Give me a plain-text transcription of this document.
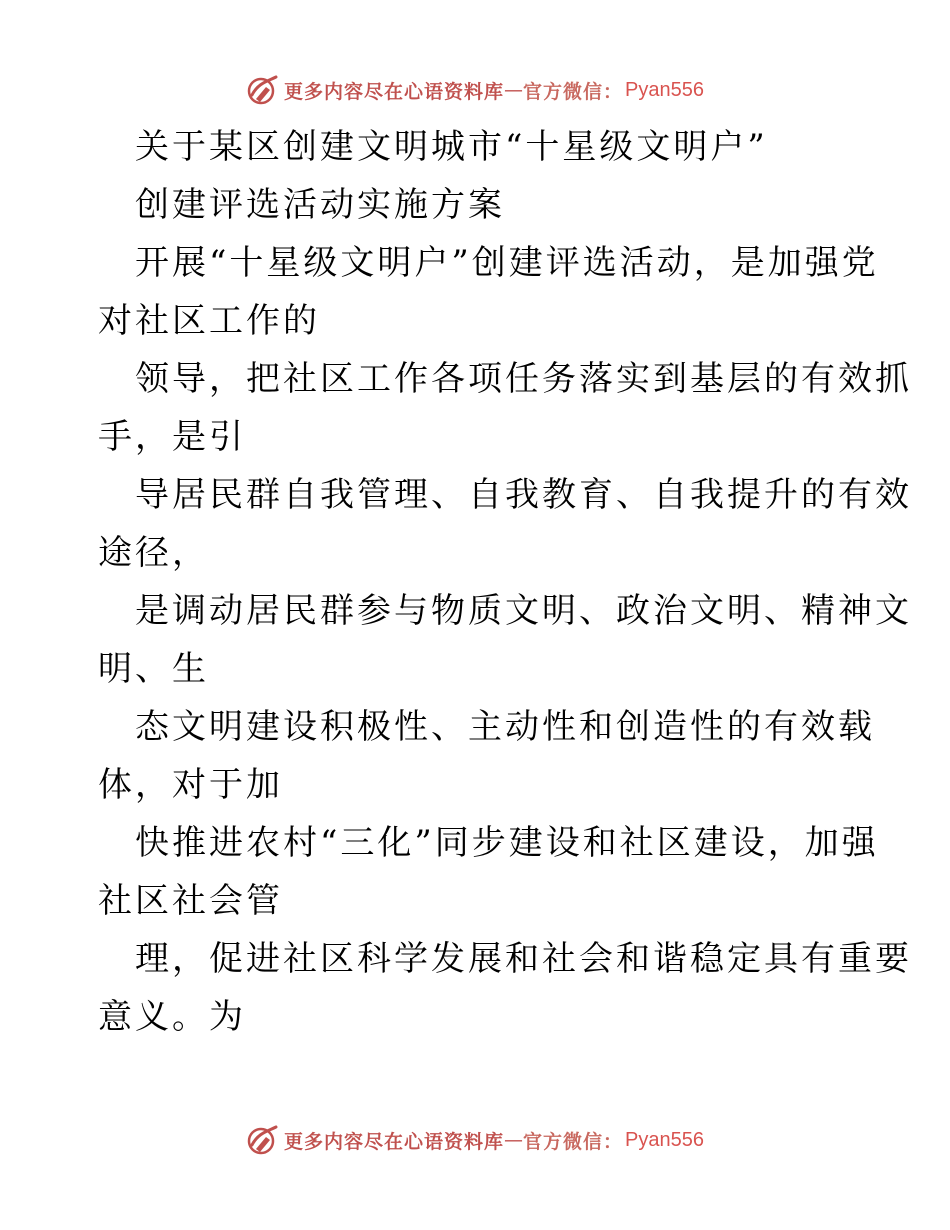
更多内容尽在心语资料库 — 官方微信： Pyan556
关于某区创建文明城市“十星级文明户”
创建评选活动实施方案
开展“十星级文明户”创建评选活动，是加强党
对社区工作的
领导，把社区工作各项任务落实到基层的有效抓
手，是引
导居民群自我管理、自我教育、自我提升的有效
途径，
是调动居民群参与物质文明、政治文明、精神文
明、生
态文明建设积极性、主动性和创造性的有效载
体，对于加
快推进农村“三化”同步建设和社区建设，加强
社区社会管
理，促进社区科学发展和社会和谐稳定具有重要
意义。为
更多内容尽在心语资料库 — 官方微信： Pyan556
